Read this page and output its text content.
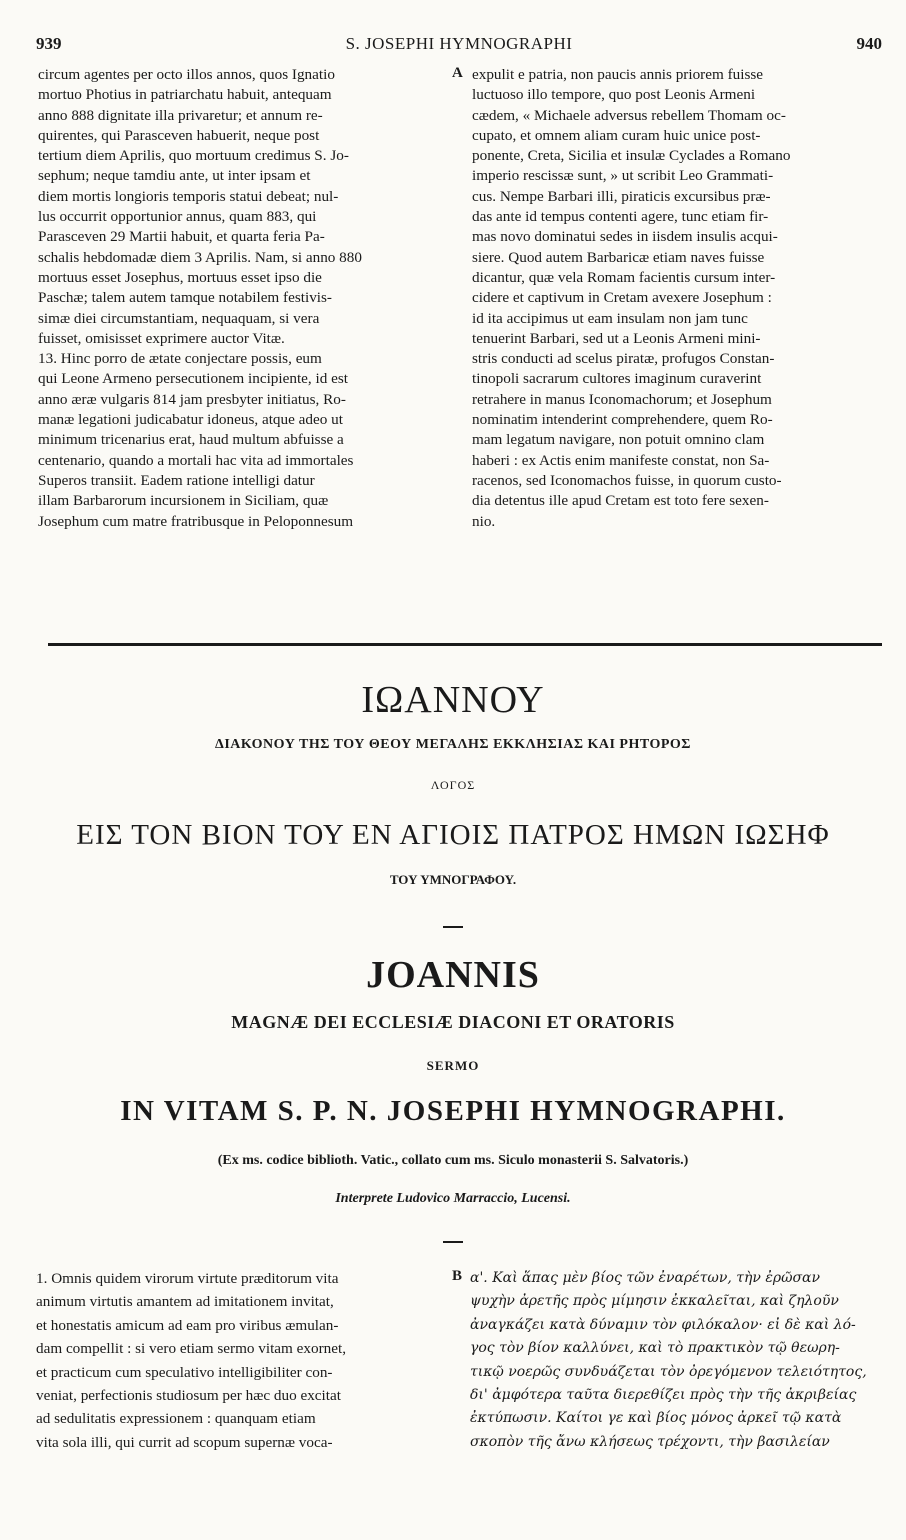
939	S. JOSEPHI HYMNOGRAPHI	940
circum agentes per octo illos annos, quos Ignatio
mortuo Photius in patriarchatu habuit, antequam
anno 888 dignitate illa privaretur; et annum re-
quirentes, qui Parasceven habuerit, neque post
tertium diem Aprilis, quo mortuum credimus S. Jo-
sephum; neque tamdiu ante, ut inter ipsam et
diem mortis longioris temporis statui debeat; nul-
lus occurrit opportunior annus, quam 883, qui
Parasceven 29 Martii habuit, et quarta feria Pa-
schalis hebdomadæ diem 3 Aprilis. Nam, si anno 880
mortuus esset Josephus, mortuus esset ipso die
Paschæ; talem autem tamque notabilem festivis-
simæ diei circumstantiam, nequaquam, si vera
fuisset, omisisset exprimere auctor Vitæ.
13. Hinc porro de ætate conjectare possis, eum
qui Leone Armeno persecutionem incipiente, id est
anno æræ vulgaris 814 jam presbyter initiatus, Ro-
manæ legationi judicabatur idoneus, atque adeo ut
minimum tricenarius erat, haud multum abfuisse a
centenario, quando a mortali hac vita ad immortales
Superos transiit. Eadem ratione intelligi datur
illam Barbarorum incursionem in Siciliam, quæ
Josephum cum matre fratribusque in Peloponnesum
expulit e patria, non paucis annis priorem fuisse
luctuoso illo tempore, quo post Leonis Armeni
cædem, « Michaele adversus rebellem Thomam oc-
cupato, et omnem aliam curam huic unice post-
ponente, Creta, Sicilia et insulæ Cyclades a Romano
imperio rescissæ sunt, » ut scribit Leo Grammati-
cus. Nempe Barbari illi, piraticis excursibus præ-
das ante id tempus contenti agere, tunc etiam fir-
mas novo dominatui sedes in iisdem insulis acqui-
siere. Quod autem Barbaricæ etiam naves fuisse
dicantur, quæ vela Romam facientis cursum inter-
cidere et captivum in Cretam avexere Josephum :
id ita accipimus ut eam insulam non jam tunc
tenuerint Barbari, sed ut a Leonis Armeni mini-
stris conducti ad scelus piratæ, profugos Constan-
tinopoli sacrarum cultores imaginum curaverint
retrahere in manus Iconomachorum; et Josephum
nominatim intenderint comprehendere, quem Ro-
mam legatum navigare, non potuit omnino clam
haberi : ex Actis enim manifeste constat, non Sa-
racenos, sed Iconomachos fuisse, in quorum custo-
dia detentus ille apud Cretam est toto fere sexen-
nio.
A
ΙΩΑΝΝΟΥ
ΔΙΑΚΟΝΟΥ ΤΗΣ ΤΟΥ ΘΕΟΥ ΜΕΓΑΛΗΣ ΕΚΚΛΗΣΙΑΣ ΚΑΙ ΡΗΤΟΡΟΣ
ΛΟΓΟΣ
ΕΙΣ ΤΟΝ ΒΙΟΝ ΤΟΥ ΕΝ ΑΓΙΟΙΣ ΠΑΤΡΟΣ ΗΜΩΝ ΙΩΣΗΦ
ΤΟΥ ΥΜΝΟΓΡΑΦΟΥ.
JOANNIS
MAGNÆ DEI ECCLESIÆ DIACONI ET ORATORIS
SERMO
IN VITAM S. P. N. JOSEPHI HYMNOGRAPHI.
(Ex ms. codice biblioth. Vatic., collato cum ms. Siculo monasterii S. Salvatoris.)
Interprete Ludovico Marraccio, Lucensi.
1. Omnis quidem virorum virtute præditorum vita
animum virtutis amantem ad imitationem invitat,
et honestatis amicum ad eam pro viribus æmulan-
dam compellit : si vero etiam sermo vitam exornet,
et practicum cum speculativo intelligibiliter con-
veniat, perfectionis studiosum per hæc duo excitat
ad sedulitatis expressionem : quanquam etiam
vita sola illi, qui currit ad scopum supernæ voca-
α'. Καὶ ἅπας μὲν βίος τῶν ἐναρέτων, τὴν ἐρῶσαν
ψυχὴν ἀρετῆς πρὸς μίμησιν ἐκκαλεῖται, καὶ ζηλοῦν
ἀναγκάζει κατὰ δύναμιν τὸν φιλόκαλον· εἰ δὲ καὶ λό-
γος τὸν βίον καλλύνει, καὶ τὸ πρακτικὸν τῷ θεωρη-
τικῷ νοερῶς συνδυάζεται τὸν ὀρεγόμενον τελειότητος,
δι' ἀμφότερα ταῦτα διερεθίζει πρὸς τὴν τῆς ἀκριβείας
ἐκτύπωσιν. Καίτοι γε καὶ βίος μόνος ἀρκεῖ τῷ κατὰ
σκοπὸν τῆς ἄνω κλήσεως τρέχοντι, τὴν βασιλείαν
B
